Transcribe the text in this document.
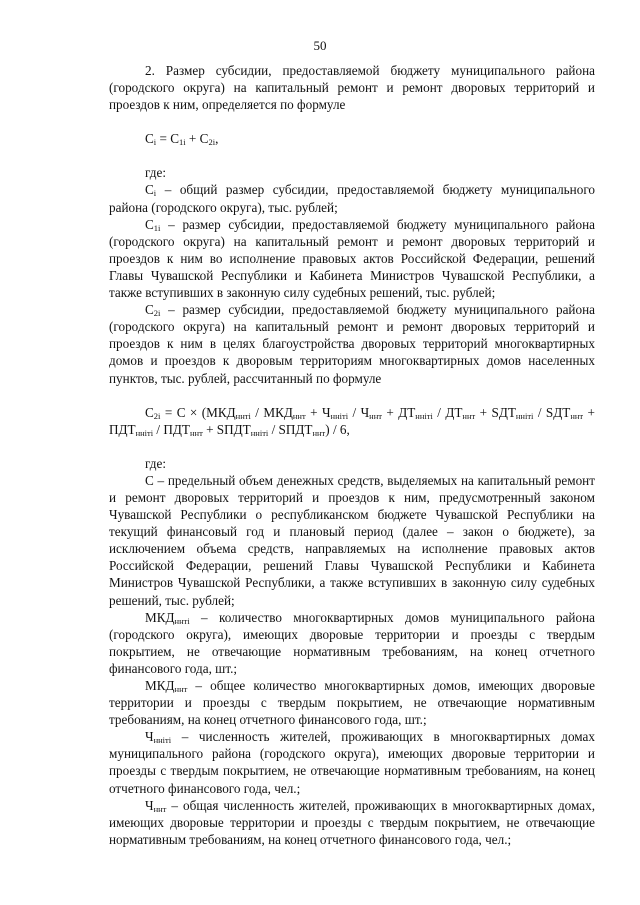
50

2. Размер субсидии, предоставляемой бюджету муниципального района (городского округа) на капитальный ремонт и ремонт дворовых территорий и проездов к ним, определяется по формуле

$C_i = C_{1i} + C_{2i}$,

где:

$C_i$ – общий размер субсидии, предоставляемой бюджету муниципального района (городского округа), тыс. рублей;

$C_{1i}$ – размер субсидии, предоставляемой бюджету муниципального района (городского округа) на капитальный ремонт и ремонт дворовых территорий и проездов к ним во исполнение правовых актов Российской Федерации, решений Главы Чувашской Республики и Кабинета Министров Чувашской Республики, а также вступивших в законную силу судебных решений, тыс. рублей;

$C_{2i}$ – размер субсидии, предоставляемой бюджету муниципального района (городского округа) на капитальный ремонт и ремонт дворовых территорий и проездов к ним в целях благоустройства дворовых территорий многоквартирных домов и проездов к дворовым территориям многоквартирных домов населенных пунктов, тыс. рублей, рассчитанный по формуле

$C_{2i} = C \times (МКД_{ннті} / МКД_{ннт} + Ч_{нніті} / Ч_{ннт} + ДТ_{нніті} / ДТ_{ннт} + SДТ_{нніті} / SДТ_{ннт} + ПДТ_{нніті} / ПДТ_{ннт}$ + $SПДТ_{нніті}$ / $SПДТ_{ннт}) / 6$,

где:

C – предельный объем денежных средств, выделяемых на капитальный ремонт и ремонт дворовых территорий и проездов к ним, предусмотренный законом Чувашской Республики о республиканском бюджете Чувашской Республики на текущий финансовый год и плановый период (далее – закон о бюджете), за исключением объема средств, направляемых на исполнение правовых актов Российской Федерации, решений Главы Чувашской Республики и Кабинета Министров Чувашской Республики, а также вступивших в законную силу судебных решений, тыс. рублей;

$МКД_{ннті}$ – количество многоквартирных домов муниципального района (городского округа), имеющих дворовые территории и проезды с твердым покрытием, не отвечающие нормативным требованиям, на конец отчетного финансового года, шт.;

$МКД_{ннт}$ – общее количество многоквартирных домов, имеющих дворовые территории и проезды с твердым покрытием, не отвечающие нормативным требованиям, на конец отчетного финансового года, шт.;

$Ч_{нніті}$ – численность жителей, проживающих в многоквартирных домах муниципального района (городского округа), имеющих дворовые территории и проезды с твердым покрытием, не отвечающие нормативным требованиям, на конец отчетного финансового года, чел.;

$Ч_{ннт}$ – общая численность жителей, проживающих в многоквартирных домах, имеющих дворовые территории и проезды с твердым покрытием, не отвечающие нормативным требованиям, на конец отчетного финансового года, чел.;
